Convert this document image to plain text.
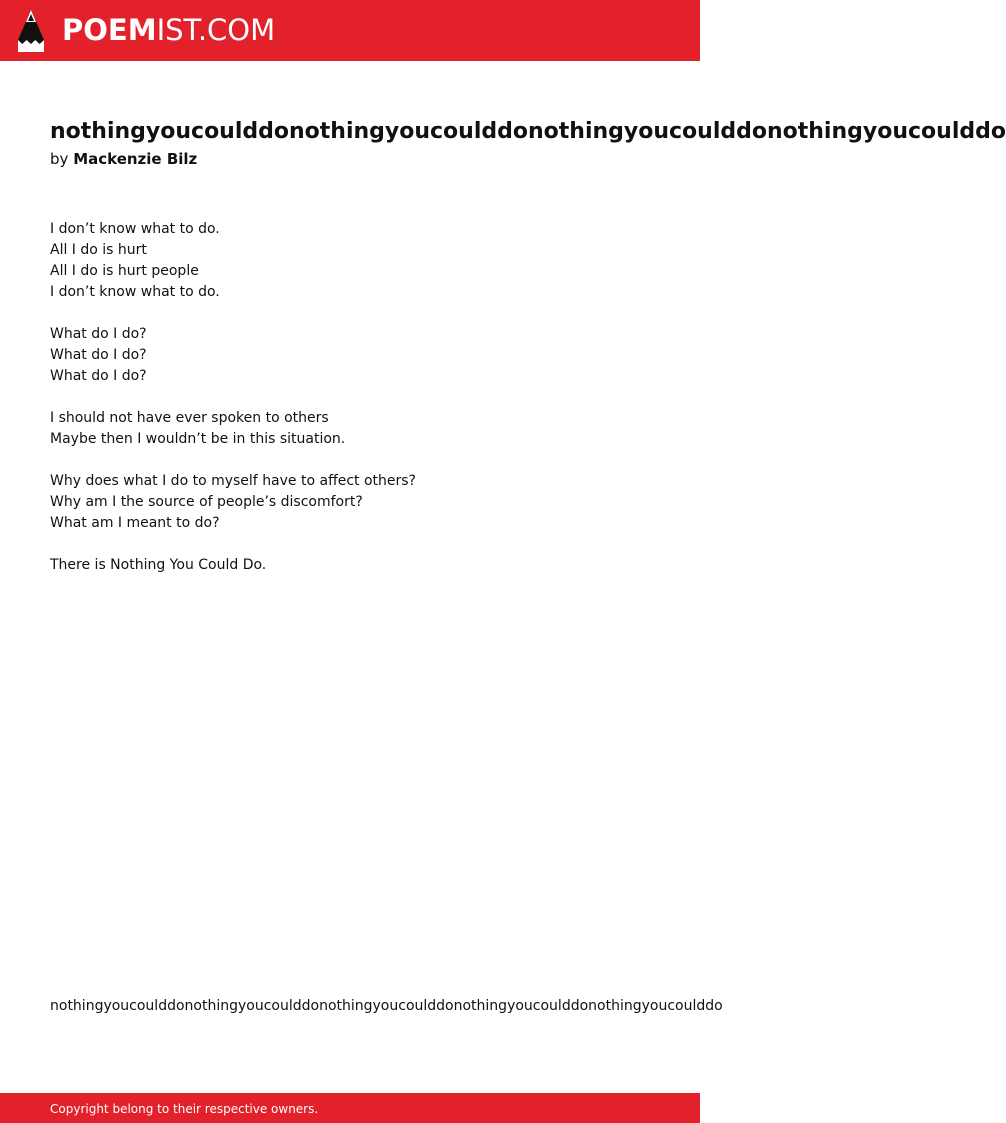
POEMIST.COM
nothingyoucoulddonothingyoucoulddonothingyoucoulddonothingyoucoulddo
by Mackenzie Bilz
I don’t know what to do.
All I do is hurt
All I do is hurt people
I don’t know what to do.
What do I do?
What do I do?
What do I do?
I should not have ever spoken to others
Maybe then I wouldn’t be in this situation.
Why does what I do to myself have to affect others?
Why am I the source of people’s discomfort?
What am I meant to do?
There is Nothing You Could Do.
nothingyoucoulddonothingyoucoulddonothingyoucoulddonothingyoucoulddonothingyoucoulddo
Copyright belong to their respective owners.
